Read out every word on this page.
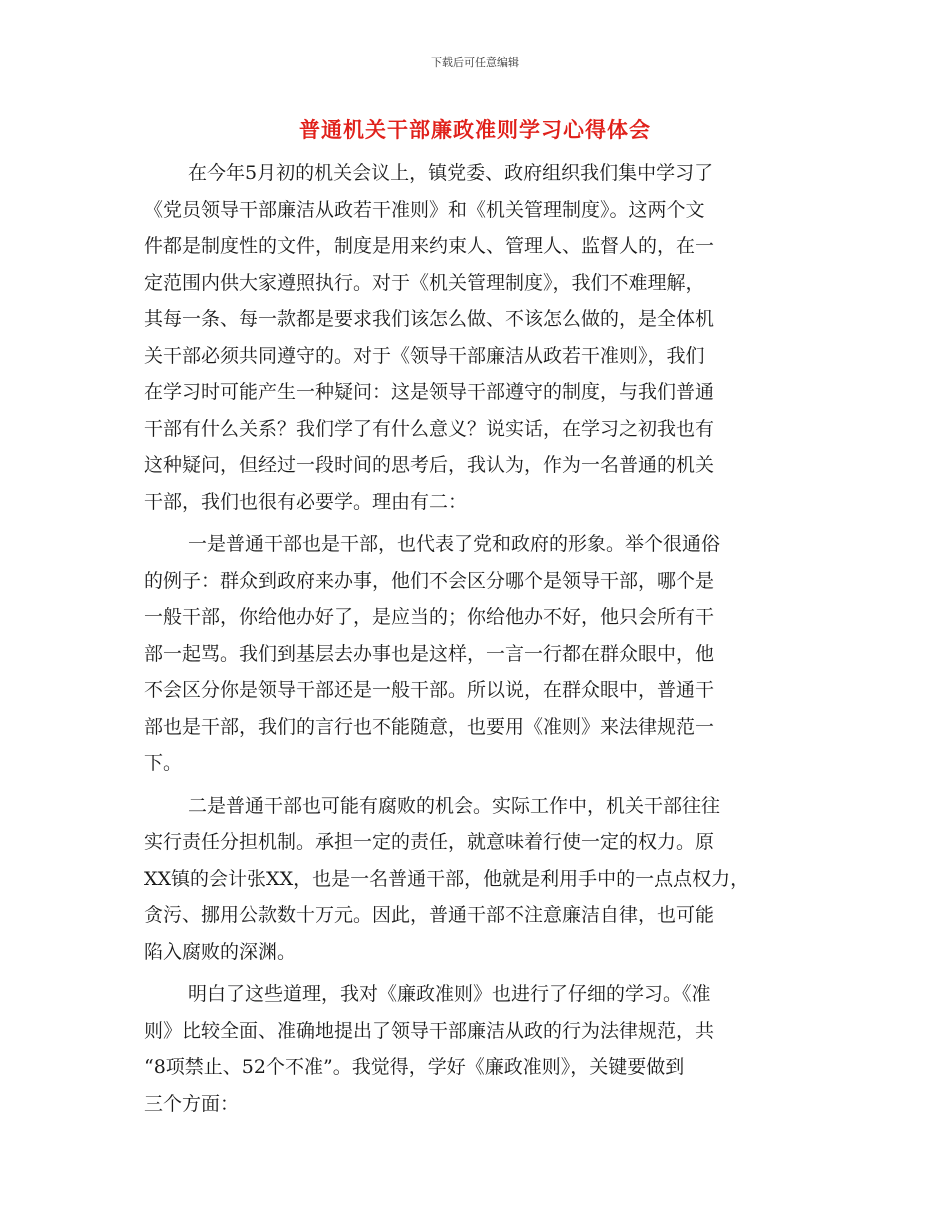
下载后可任意编辑
普通机关干部廉政准则学习心得体会

在今年5月初的机关会议上，镇党委、政府组织我们集中学习了
《党员领导干部廉洁从政若干准则》和《机关管理制度》。这两个文
件都是制度性的文件，制度是用来约束人、管理人、监督人的，在一
定范围内供大家遵照执行。对于《机关管理制度》，我们不难理解，
其每一条、每一款都是要求我们该怎么做、不该怎么做的，是全体机
关干部必须共同遵守的。对于《领导干部廉洁从政若干准则》，我们
在学习时可能产生一种疑问：这是领导干部遵守的制度，与我们普通
干部有什么关系？我们学了有什么意义？说实话，在学习之初我也有
这种疑问，但经过一段时间的思考后，我认为，作为一名普通的机关
干部，我们也很有必要学。理由有二：

一是普通干部也是干部，也代表了党和政府的形象。举个很通俗
的例子：群众到政府来办事，他们不会区分哪个是领导干部，哪个是
一般干部，你给他办好了，是应当的；你给他办不好，他只会所有干
部一起骂。我们到基层去办事也是这样，一言一行都在群众眼中，他
不会区分你是领导干部还是一般干部。所以说，在群众眼中，普通干
部也是干部，我们的言行也不能随意，也要用《准则》来法律规范一
下。

二是普通干部也可能有腐败的机会。实际工作中，机关干部往往
实行责任分担机制。承担一定的责任，就意味着行使一定的权力。原
XX镇的会计张XX，也是一名普通干部，他就是利用手中的一点点权力，
贪污、挪用公款数十万元。因此，普通干部不注意廉洁自律，也可能
陷入腐败的深渊。

明白了这些道理，我对《廉政准则》也进行了仔细的学习。《准
则》比较全面、准确地提出了领导干部廉洁从政的行为法律规范，共
“8项禁止、52个不准”。我觉得，学好《廉政准则》，关键要做到
三个方面：
